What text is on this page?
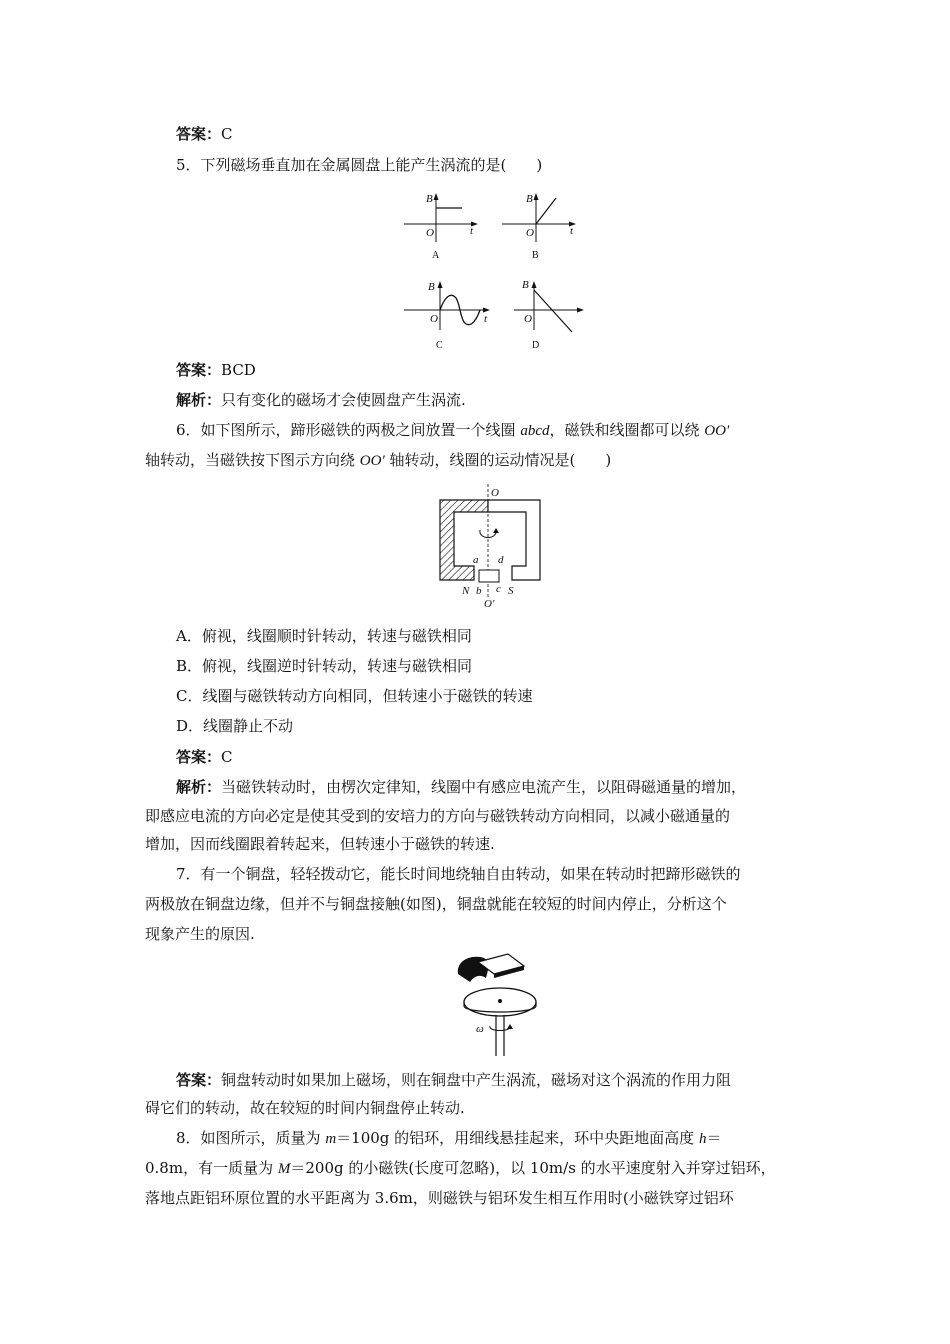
答案：C
5．下列磁场垂直加在金属圆盘上能产生涡流的是(　　)
B
t
O
A
B
t
O
B
B
t
O
C
B
O
D
答案：BCD
解析：只有变化的磁场才会使圆盘产生涡流.
6．如下图所示，蹄形磁铁的两极之间放置一个线圈 abcd，磁铁和线圈都可以绕 OO′
轴转动，当磁铁按下图示方向绕 OO′ 轴转动，线圈的运动情况是(　　)
O
a d
N b c S
O′
A．俯视，线圈顺时针转动，转速与磁铁相同
B．俯视，线圈逆时针转动，转速与磁铁相同
C．线圈与磁铁转动方向相同，但转速小于磁铁的转速
D．线圈静止不动
答案：C
解析：当磁铁转动时，由楞次定律知，线圈中有感应电流产生，以阻碍磁通量的增加，
即感应电流的方向必定是使其受到的安培力的方向与磁铁转动方向相同，以减小磁通量的
增加，因而线圈跟着转起来，但转速小于磁铁的转速.
7．有一个铜盘，轻轻拨动它，能长时间地绕轴自由转动，如果在转动时把蹄形磁铁的
两极放在铜盘边缘，但并不与铜盘接触(如图)，铜盘就能在较短的时间内停止，分析这个
现象产生的原因.
ω
答案：铜盘转动时如果加上磁场，则在铜盘中产生涡流，磁场对这个涡流的作用力阻
碍它们的转动，故在较短的时间内铜盘停止转动.
8．如图所示，质量为 m＝100g 的铝环，用细线悬挂起来，环中央距地面高度 h＝
0.8m，有一质量为 M＝200g 的小磁铁(长度可忽略)，以 10m/s 的水平速度射入并穿过铝环，
落地点距铝环原位置的水平距离为 3.6m，则磁铁与铝环发生相互作用时(小磁铁穿过铝环
